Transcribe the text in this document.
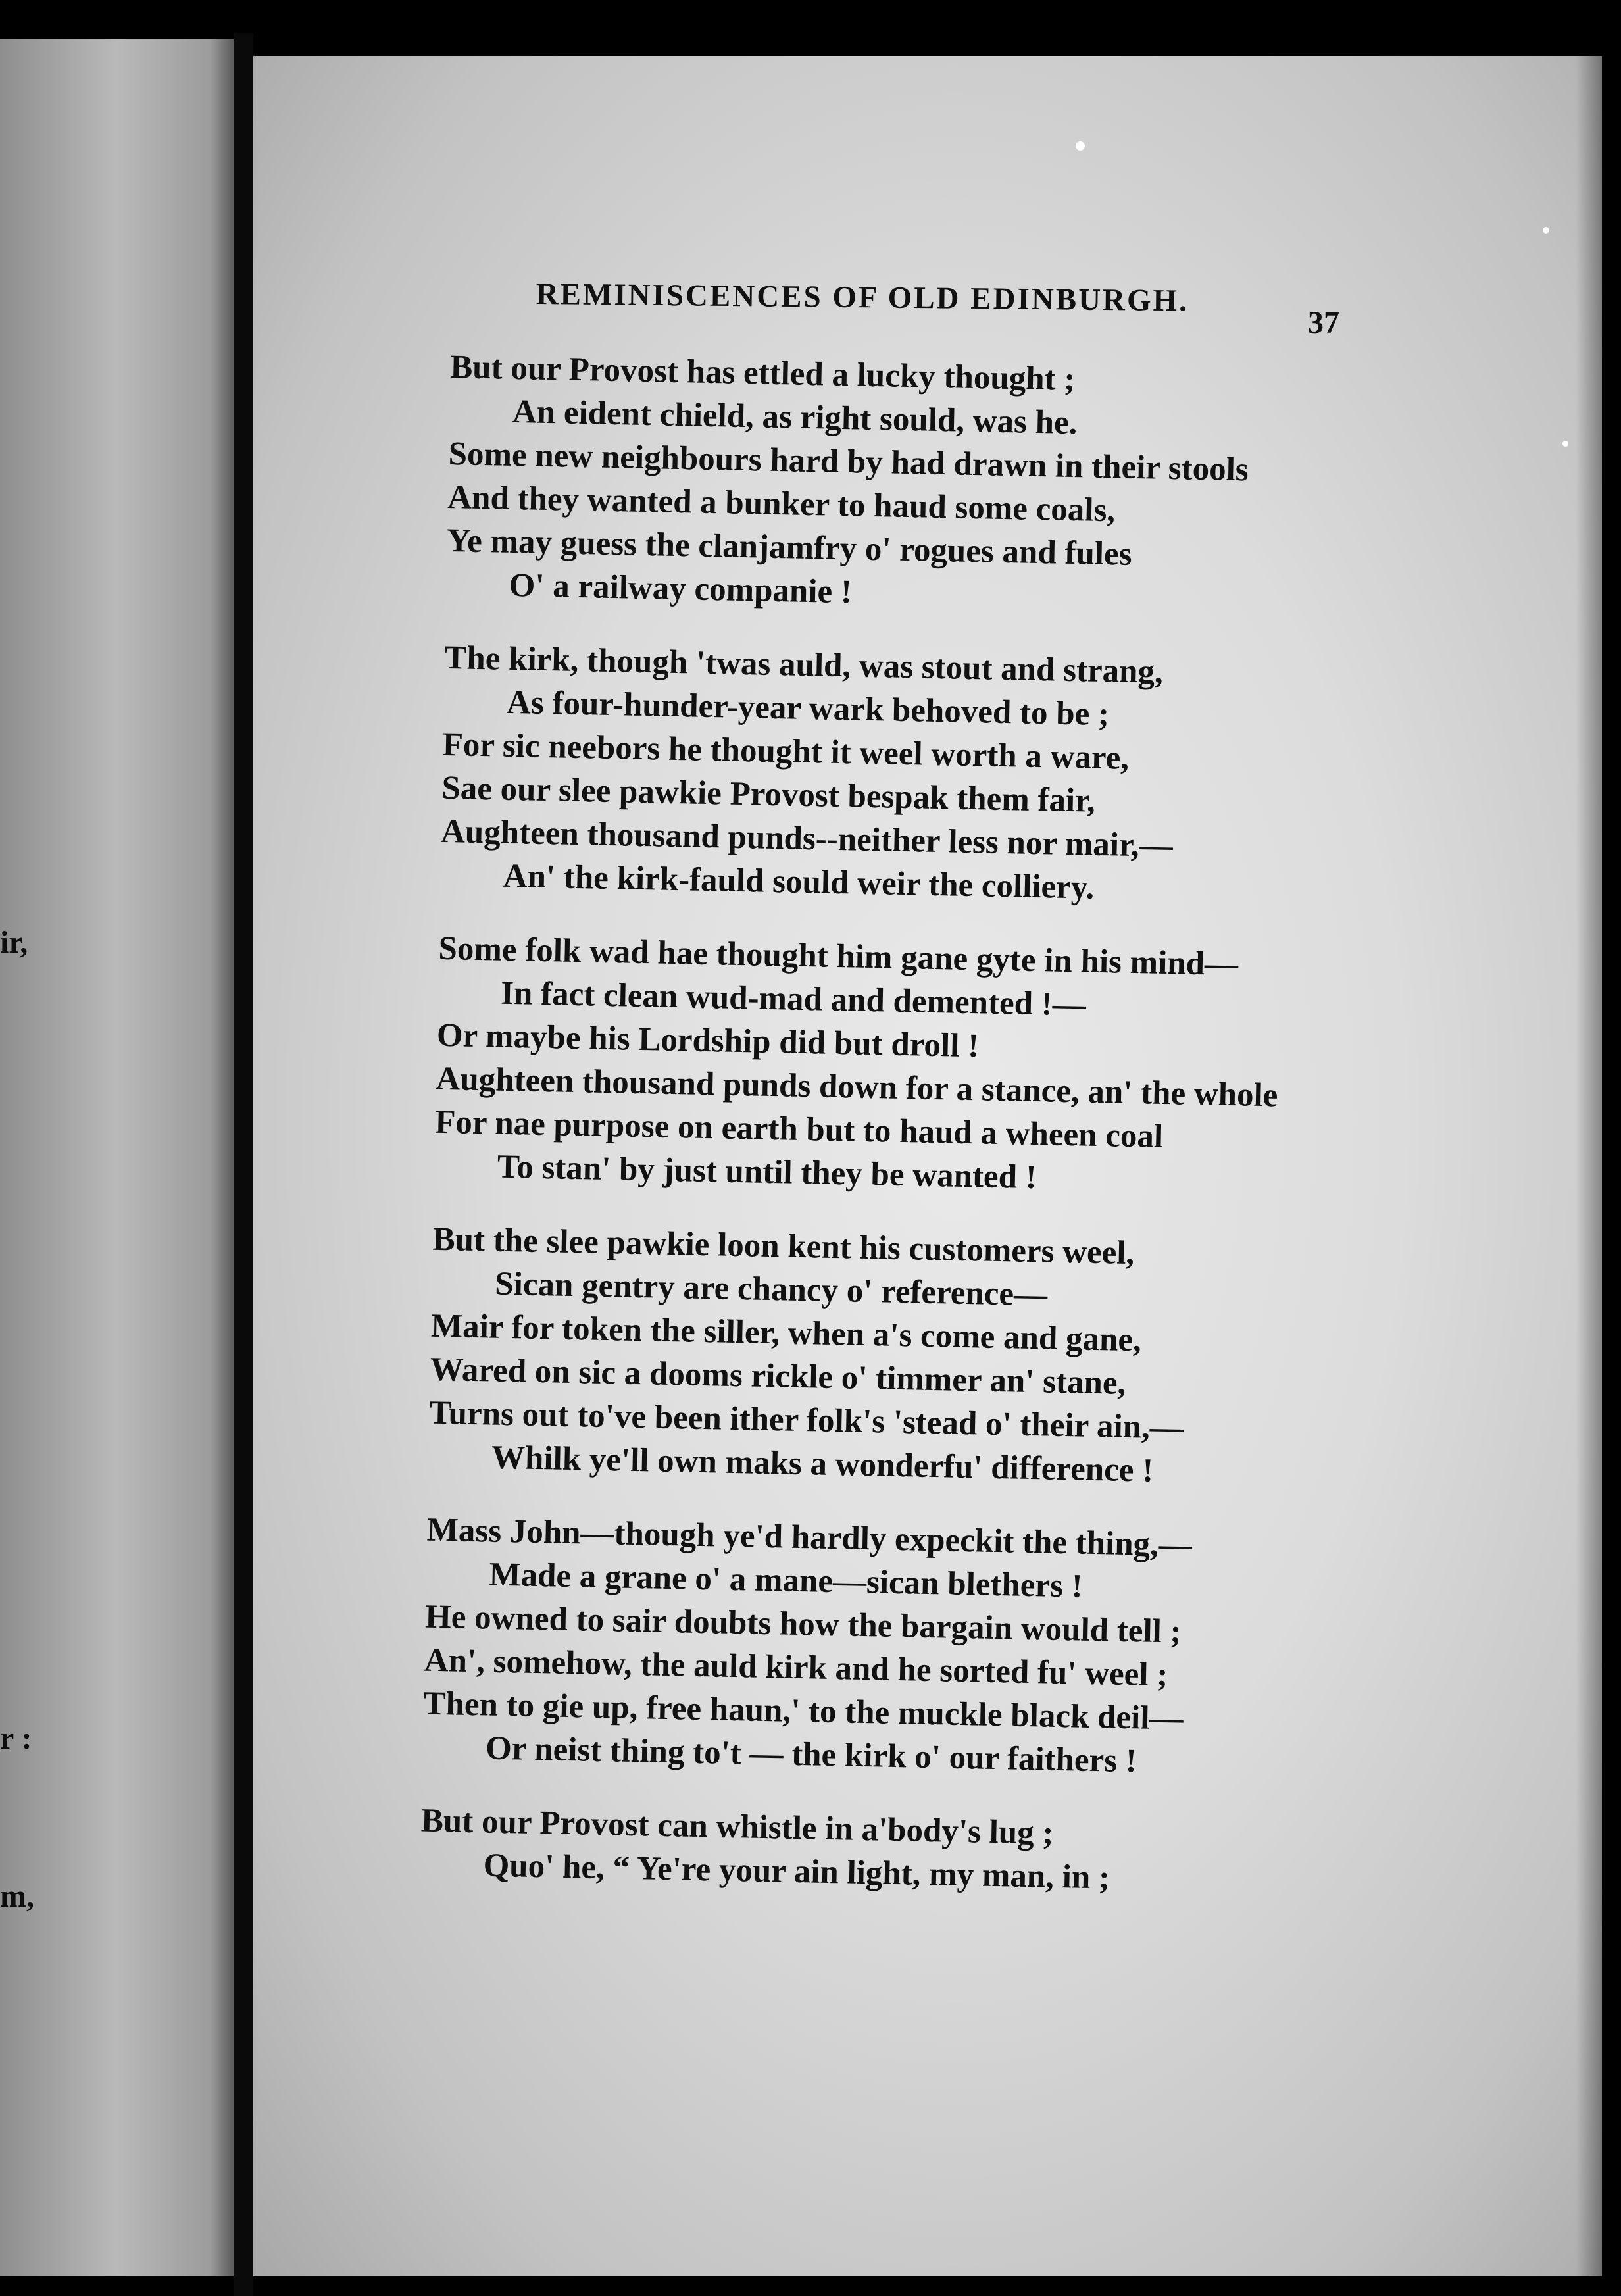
ir,
r :
m,
REMINISCENCES OF OLD EDINBURGH.
37
But our Provost has ettled a lucky thought ;
An eident chield, as right sould, was he.
Some new neighbours hard by had drawn in their stools
And they wanted a bunker to haud some coals,
Ye may guess the clanjamfry o' rogues and fules
O' a railway companie !
The kirk, though 'twas auld, was stout and strang,
As four-hunder-year wark behoved to be ;
For sic neebors he thought it weel worth a ware,
Sae our slee pawkie Provost bespak them fair,
Aughteen thousand punds--neither less nor mair,—
An' the kirk-fauld sould weir the colliery.
Some folk wad hae thought him gane gyte in his mind—
In fact clean wud-mad and demented !—
Or maybe his Lordship did but droll !
Aughteen thousand punds down for a stance, an' the whole
For nae purpose on earth but to haud a wheen coal
To stan' by just until they be wanted !
But the slee pawkie loon kent his customers weel,
Sican gentry are chancy o' reference—
Mair for token the siller, when a's come and gane,
Wared on sic a dooms rickle o' timmer an' stane,
Turns out to've been ither folk's 'stead o' their ain,—
Whilk ye'll own maks a wonderfu' difference !
Mass John—though ye'd hardly expeckit the thing,—
Made a grane o' a mane—sican blethers !
He owned to sair doubts how the bargain would tell ;
An', somehow, the auld kirk and he sorted fu' weel ;
Then to gie up, free haun,' to the muckle black deil—
Or neist thing to't — the kirk o' our faithers !
But our Provost can whistle in a'body's lug ;
Quo' he, “ Ye're your ain light, my man, in ;
